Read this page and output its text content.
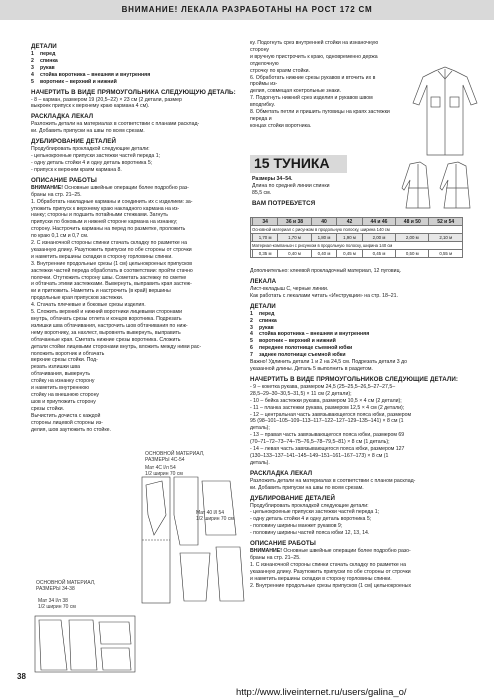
ВНИМАНИЕ! ЛЕКАЛА РАЗРАБОТАНЫ НА РОСТ 172 СМ

ДЕТАЛИ

1	перед
2	спинка
3	рукав
4	стойка воротника – внешняя и внутренняя
5	воротник – верхний и нижний

НАЧЕРТИТЬ В ВИДЕ ПРЯМОУГОЛЬНИКА СЛЕДУЮЩУЮ ДЕТАЛЬ:

- 8 – карман, размером 19 (20,5–22) × 23 см (2 детали, размер

выкроек припуск к верхнему краю кармана 4 см).

РАСКЛАДКА ЛЕКАЛ

Разложить детали на материалах в соответствии с планами расклад-

ки. Добавить припуски на швы по всем срезам.

ДУБЛИРОВАНИЕ ДЕТАЛЕЙ

Продублировать прокладкой следующие детали:

- цельнокроеные припуски застежки частей переда 1;

- одну деталь стойки 4 и одну деталь воротника 5;

- припуск к верхним краям кармана 8.

ОПИСАНИЕ РАБОТЫ

ВНИМАНИЕ! Основные швейные операции более подробно раз-

браны на стр. 21–25.

1. Обработать накладные карманы и соединить их с изделием: за-

утюжить припуск к верхнему краю накладного кармана на из-

нанку; стороны и подшить потайными стежками. Загнуть

припуски по боковым и нижней стороне кармана на изнанку;

сторону. Настрочить карманы на перед по разметке, проложить

по краю 0,1 см и 0,7 см.

2. С изнаночной стороны спинки стачать складку по разметке на

указанную длину. Разутюжить припуски по обе стороны от строчки

и наметить вершины складки в сторону горловины спинки.

3. Внутренние продольные срезы (1 см) цельнокроеных припусков

застежки частей переда обработать в соответствии: пройти стачно

полочки. Отутюжить сторону швы. Сометать застежку по сметке

и обтачать этими застежками. Вывернуть, выправить края застеж-

ки и притюжить. Наметить и настрочить (в край) вершины

продольные края припусков застежки.

4. Стачать плечевые и боковые срезы изделия.

5. Сложить верхний и нижний воротники лицевыми сторонами

внутрь, обтачать срезы отлета и концов воротника. Подрезать

излишки шва обтачивания, настрочить шов обтачивания по ниж-

нему воротнику, за нахлест, выровнять вывернуть, выправить

обтачанные края. Сметать нижние срезы воротника. Сложить

детали стойки лицевыми сторонами внутрь, вложить между ними рас-

положить воротник и обтачать

верхние срезы стойки. Под-

резать излишки шва

обтачивания, вывернуть

стойку на изнанку сторону

и наметить внутреннюю

стойку на внешнюю сторону

шов и приутюжить сторону

срезы стойки.

Вычистить дочиста с каждой

стороны лицевой стороны из-

делия, шов заутюжить по стойке.

ку. Подогнуть срез внутренней стойки на изнаночную сторону

и вручную пристрочить к краю, одновременно держа отделочную

строчку по краям стойки.

6. Обработать нижние срезы рукавов и вточить их в проймы из-

делия, совмещая контрольные знаки.

7. Подогнуть нижний срез изделия и рукавов швом вподгибку.

8. Обметать петли и пришить пуговицы на краях застежки переда и

концах стойки воротника.

15 ТУНИКА

Размеры 34–54.

Длина по средней линии спинки

85,5 см.

ВАМ ПОТРЕБУЕТСЯ

	34	36 и 38	40	42	44 и 46	48 и 50	52 и 54
Основной материал с рисунком в продольную полоску, ширина 140 см							
	1,70 м	1,70 м	1,80 м	1,90 м	2,00 м	2,00 м	2,10 м
Материал-компаньон с рисунком в продольную полоску, ширина 140 см							
	0,35 м	0,40 м	0,40 м	0,45 м	0,45 м	0,50 м	0,55 м

Дополнительно: клеевой прокладочный материал, 12 пуговиц.

ЛЕКАЛА

Лист-вкладыш С, черные линии.

Как работать с лекалами читать «Инструкции» на стр. 18–21.

ДЕТАЛИ

1	перед
2	спинка
3	рукав
4	стойка воротника – внешняя и внутренняя
5	воротник – верхний и нижний
6	переднее полотнище съемной юбки
7	заднее полотнище съемной юбки

Важно! Удлинить детали 1 и 2 на 24,5 см. Подрезать детали 3 до

указанной длины. Деталь 5 выполнить в раздетом.

НАЧЕРТИТЬ В ВИДЕ ПРЯМОУГОЛЬНИКОВ СЛЕДУЮЩИЕ ДЕТАЛИ:

- 9 – кокетка рукава, размером 24,5 (25–25,5–26,5–27–27,5–

28,5–29–30–30,5–31,5) × 11 см (2 детали);

- 10 – бейка застежки рукава, размером 10,5 × 4 см (2 детали);

- 11 – планка застежки рукава, размером 12,5 × 4 см (2 детали);

- 12 – центральная часть завязывающегося пояса юбки, размером

95 (98–101–105–109–113–117–122–127–129–135–141) × 8 см (1

деталь);

- 13 – правая часть завязывающегося пояса юбки, размером 69

(70–71–72–73–74–75–76,5–78–79,5–81) × 8 см (1 деталь);

- 14 – левая часть завязывающегося пояса юбки, размером 127

(130–133–137–141–145–149–151–161–167–173) × 8 см (1

деталь).

РАСКЛАДКА ЛЕКАЛ

Разложить детали на материалах в соответствии с планом расклад-

ки. Добавить припуски на швы по всем срезам.

ДУБЛИРОВАНИЕ ДЕТАЛЕЙ

Продублировать прокладкой следующие детали:

- цельнокроеные припуски застежки частей переда 1;

- одну деталь стойки 4 и одну деталь воротника 5;

- половину ширины манжет рукавов 9;

- половину ширины частей пояса юбки 12, 13, 14.

ОПИСАНИЕ РАБОТЫ

ВНИМАНИЕ! Основные швейные операции более подробно разо-

браны на стр. 21–25.

1. С изнаночной стороны спинки стачать складку по разметке на

указанную длину. Разутюжить припуски по обе стороны от строчки

и наметить вершины складки в сторону горловины спинки.

2. Внутренние продольные срезы припусков (1 см) цельнокроеных

ОСНОВНОЙ МАТЕРИАЛ,
РАЗМЕРЫ 4С-54
Мат 4С l/л 54
1/2 ширин 70 см
ОСНОВНОЙ МАТЕРИАЛ,
РАЗМЕРЫ 34-38
Мат 34 l/л 38
1/2 ширин 70 см
Мат 40 l/l 54
1/2 ширин 70 см
38
http://www.liveinternet.ru/users/galina_o/
